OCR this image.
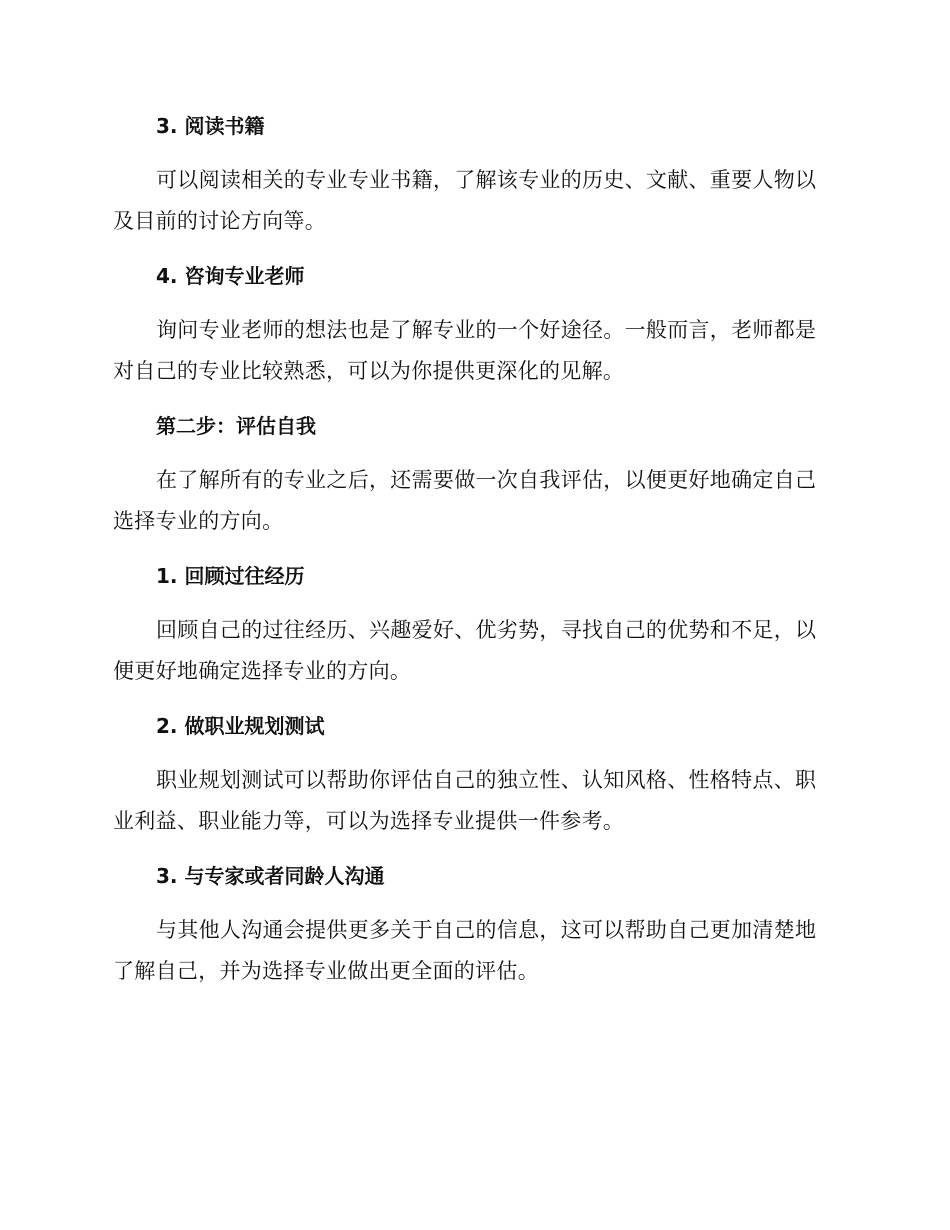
3. 阅读书籍

可以阅读相关的专业专业书籍，了解该专业的历史、文献、重要人物以及目前的讨论方向等。

4. 咨询专业老师

询问专业老师的想法也是了解专业的一个好途径。一般而言，老师都是对自己的专业比较熟悉，可以为你提供更深化的见解。

第二步：评估自我

在了解所有的专业之后，还需要做一次自我评估，以便更好地确定自己选择专业的方向。

1. 回顾过往经历

回顾自己的过往经历、兴趣爱好、优劣势，寻找自己的优势和不足，以便更好地确定选择专业的方向。

2. 做职业规划测试

职业规划测试可以帮助你评估自己的独立性、认知风格、性格特点、职业利益、职业能力等，可以为选择专业提供一件参考。

3. 与专家或者同龄人沟通

与其他人沟通会提供更多关于自己的信息，这可以帮助自己更加清楚地了解自己，并为选择专业做出更全面的评估。
